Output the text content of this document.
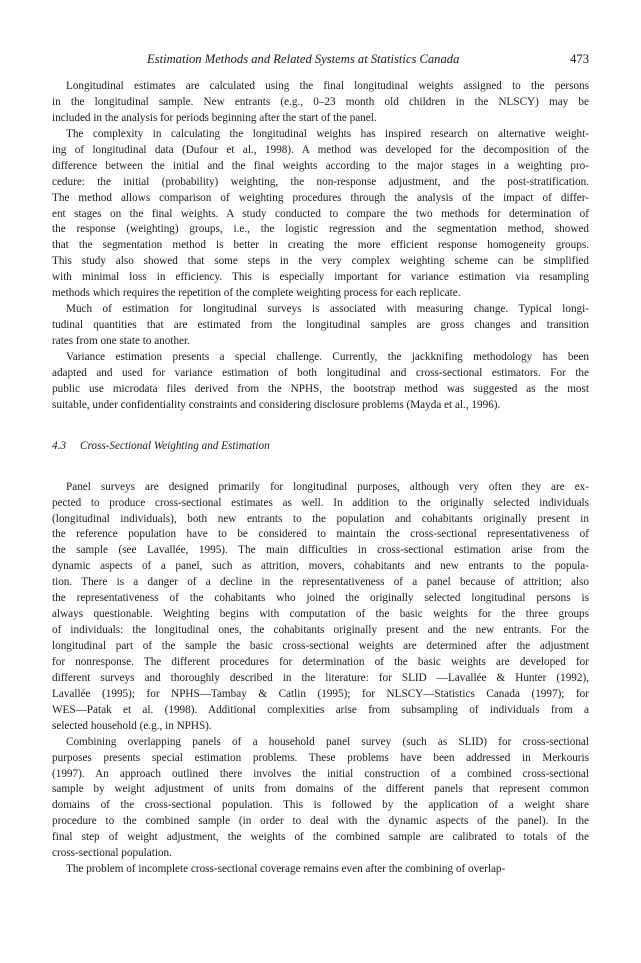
Estimation Methods and Related Systems at Statistics Canada	473
Longitudinal estimates are calculated using the final longitudinal weights assigned to the persons
in the longitudinal sample. New entrants (e.g., 0–23 month old children in the NLSCY) may be
included in the analysis for periods beginning after the start of the panel.
The complexity in calculating the longitudinal weights has inspired research on alternative weight-
ing of longitudinal data (Dufour et al., 1998). A method was developed for the decomposition of the
difference between the initial and the final weights according to the major stages in a weighting pro-
cedure: the initial (probability) weighting, the non-response adjustment, and the post-stratification.
The method allows comparison of weighting procedures through the analysis of the impact of differ-
ent stages on the final weights. A study conducted to compare the two methods for determination of
the response (weighting) groups, i.e., the logistic regression and the segmentation method, showed
that the segmentation method is better in creating the more efficient response homogeneity groups.
This study also showed that some steps in the very complex weighting scheme can be simplified
with minimal loss in efficiency. This is especially important for variance estimation via resampling
methods which requires the repetition of the complete weighting process for each replicate.
Much of estimation for longitudinal surveys is associated with measuring change. Typical longi-
tudinal quantities that are estimated from the longitudinal samples are gross changes and transition
rates from one state to another.
Variance estimation presents a special challenge. Currently, the jackknifing methodology has been
adapted and used for variance estimation of both longitudinal and cross-sectional estimators. For the
public use microdata files derived from the NPHS, the bootstrap method was suggested as the most
suitable, under confidentiality constraints and considering disclosure problems (Mayda et al., 1996).
4.3 Cross-Sectional Weighting and Estimation
Panel surveys are designed primarily for longitudinal purposes, although very often they are ex-
pected to produce cross-sectional estimates as well. In addition to the originally selected individuals
(longitudinal individuals), both new entrants to the population and cohabitants originally present in
the reference population have to be considered to maintain the cross-sectional representativeness of
the sample (see Lavallée, 1995). The main difficulties in cross-sectional estimation arise from the
dynamic aspects of a panel, such as attrition, movers, cohabitants and new entrants to the popula-
tion. There is a danger of a decline in the representativeness of a panel because of attrition; also
the representativeness of the cohabitants who joined the originally selected longitudinal persons is
always questionable. Weighting begins with computation of the basic weights for the three groups
of individuals: the longitudinal ones, the cohabitants originally present and the new entrants. For the
longitudinal part of the sample the basic cross-sectional weights are determined after the adjustment
for nonresponse. The different procedures for determination of the basic weights are developed for
different surveys and thoroughly described in the literature: for SLID —Lavallée & Hunter (1992),
Lavallée (1995); for NPHS—Tambay & Catlin (1995); for NLSCY—Statistics Canada (1997); for
WES—Patak et al. (1998). Additional complexities arise from subsampling of individuals from a
selected household (e.g., in NPHS).
Combining overlapping panels of a household panel survey (such as SLID) for cross-sectional
purposes presents special estimation problems. These problems have been addressed in Merkouris
(1997). An approach outlined there involves the initial construction of a combined cross-sectional
sample by weight adjustment of units from domains of the different panels that represent common
domains of the cross-sectional population. This is followed by the application of a weight share
procedure to the combined sample (in order to deal with the dynamic aspects of the panel). In the
final step of weight adjustment, the weights of the combined sample are calibrated to totals of the
cross-sectional population.
The problem of incomplete cross-sectional coverage remains even after the combining of overlap-
